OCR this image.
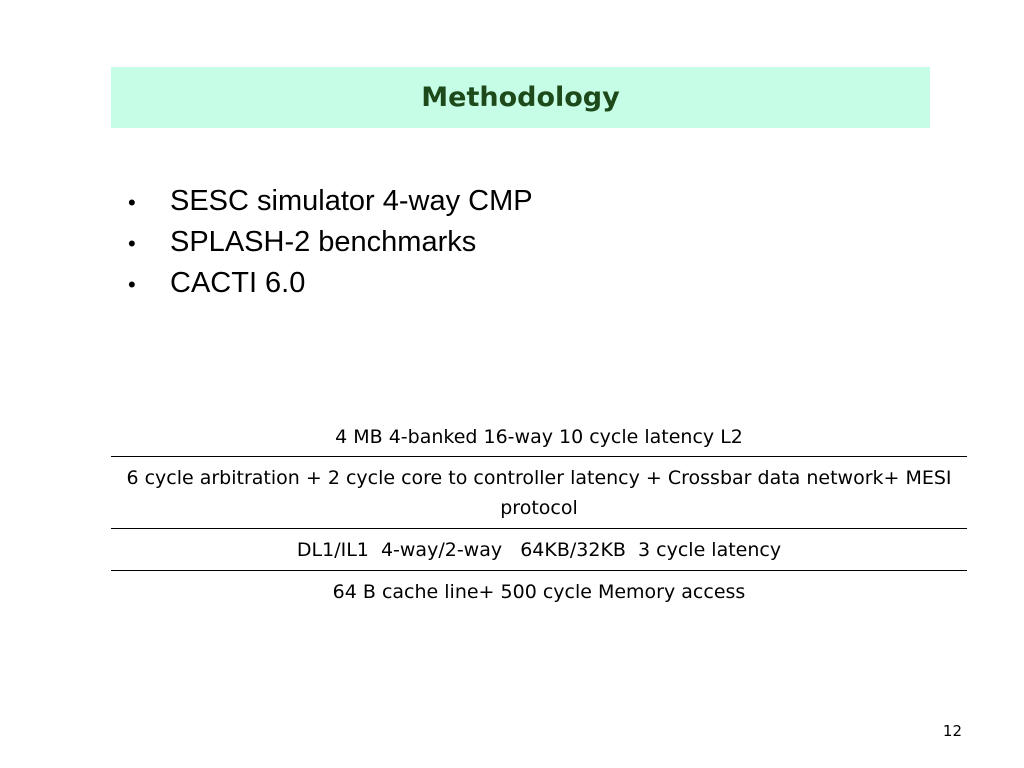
Methodology
•	SESC simulator 4-way CMP
•	SPLASH-2 benchmarks
•	CACTI 6.0
4 MB 4-banked 16-way 10 cycle latency L2
6 cycle arbitration + 2 cycle core to controller latency + Crossbar data network+ MESI protocol
DL1/IL1  4-way/2-way   64KB/32KB  3 cycle latency
64 B cache line+ 500 cycle Memory access
12
